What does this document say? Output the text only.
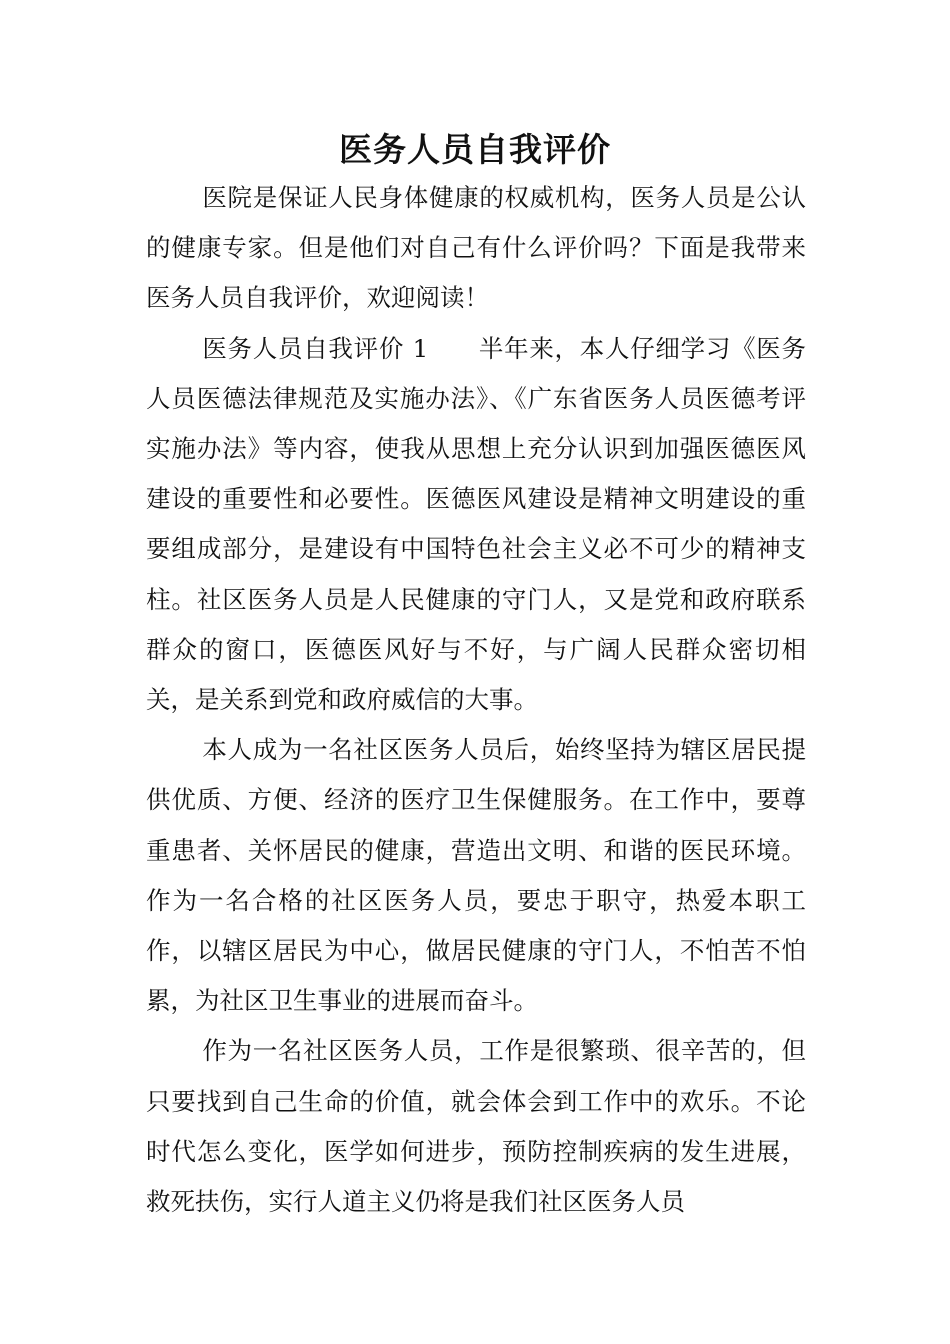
医务人员自我评价

医院是保证人民身体健康的权威机构，医务人员是公认的健康专家。但是他们对自己有什么评价吗？下面是我带来医务人员自我评价，欢迎阅读！

医务人员自我评价 1 半年来，本人仔细学习《医务人员医德法律规范及实施办法》、《广东省医务人员医德考评实施办法》等内容，使我从思想上充分认识到加强医德医风建设的重要性和必要性。医德医风建设是精神文明建设的重要组成部分，是建设有中国特色社会主义必不可少的精神支柱。社区医务人员是人民健康的守门人，又是党和政府联系群众的窗口，医德医风好与不好，与广阔人民群众密切相关，是关系到党和政府威信的大事。

本人成为一名社区医务人员后，始终坚持为辖区居民提供优质、方便、经济的医疗卫生保健服务。在工作中，要尊重患者、关怀居民的健康，营造出文明、和谐的医民环境。作为一名合格的社区医务人员，要忠于职守，热爱本职工作，以辖区居民为中心，做居民健康的守门人，不怕苦不怕累，为社区卫生事业的进展而奋斗。

作为一名社区医务人员，工作是很繁琐、很辛苦的，但只要找到自己生命的价值，就会体会到工作中的欢乐。不论时代怎么变化，医学如何进步，预防控制疾病的发生进展，救死扶伤，实行人道主义仍将是我们社区医务人员
